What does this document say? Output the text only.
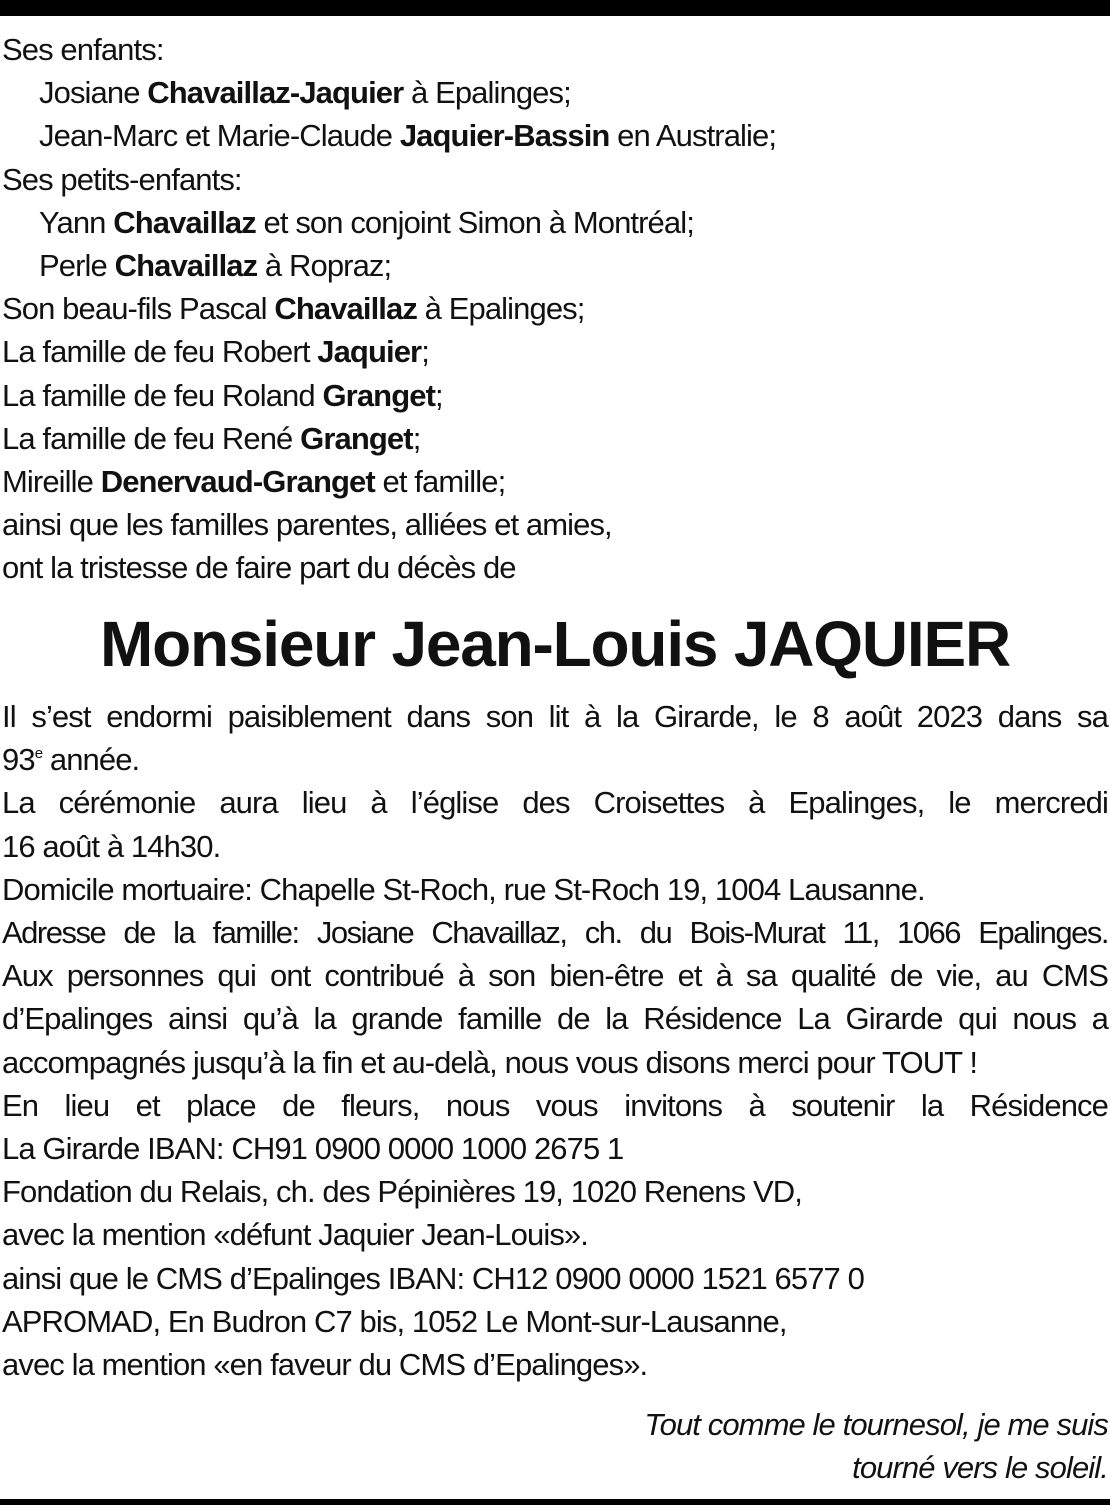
Ses enfants:
Josiane Chavaillaz-Jaquier à Epalinges;
Jean-Marc et Marie-Claude Jaquier-Bassin en Australie;
Ses petits-enfants:
Yann Chavaillaz et son conjoint Simon à Montréal;
Perle Chavaillaz à Ropraz;
Son beau-fils Pascal Chavaillaz à Epalinges;
La famille de feu Robert Jaquier;
La famille de feu Roland Granget;
La famille de feu René Granget;
Mireille Denervaud-Granget et famille;
ainsi que les familles parentes, alliées et amies,
ont la tristesse de faire part du décès de
Monsieur Jean-Louis JAQUIER
Il s’est endormi paisiblement dans son lit à la Girarde, le 8 août 2023 dans sa
93e année.
La cérémonie aura lieu à l’église des Croisettes à Epalinges, le mercredi
16 août à 14h30.
Domicile mortuaire: Chapelle St-Roch, rue St-Roch 19, 1004 Lausanne.
Adresse de la famille: Josiane Chavaillaz, ch. du Bois-Murat 11, 1066 Epalinges.
Aux personnes qui ont contribué à son bien-être et à sa qualité de vie, au CMS
d’Epalinges ainsi qu’à la grande famille de la Résidence La Girarde qui nous a
accompagnés jusqu’à la fin et au-delà, nous vous disons merci pour TOUT !
En lieu et place de fleurs, nous vous invitons à soutenir la Résidence
La Girarde IBAN: CH91 0900 0000 1000 2675 1
Fondation du Relais, ch. des Pépinières 19, 1020 Renens VD,
avec la mention «défunt Jaquier Jean-Louis».
ainsi que le CMS d’Epalinges IBAN: CH12 0900 0000 1521 6577 0
APROMAD, En Budron C7 bis, 1052 Le Mont-sur-Lausanne,
avec la mention «en faveur du CMS d’Epalinges».
Tout comme le tournesol, je me suis
tourné vers le soleil.
